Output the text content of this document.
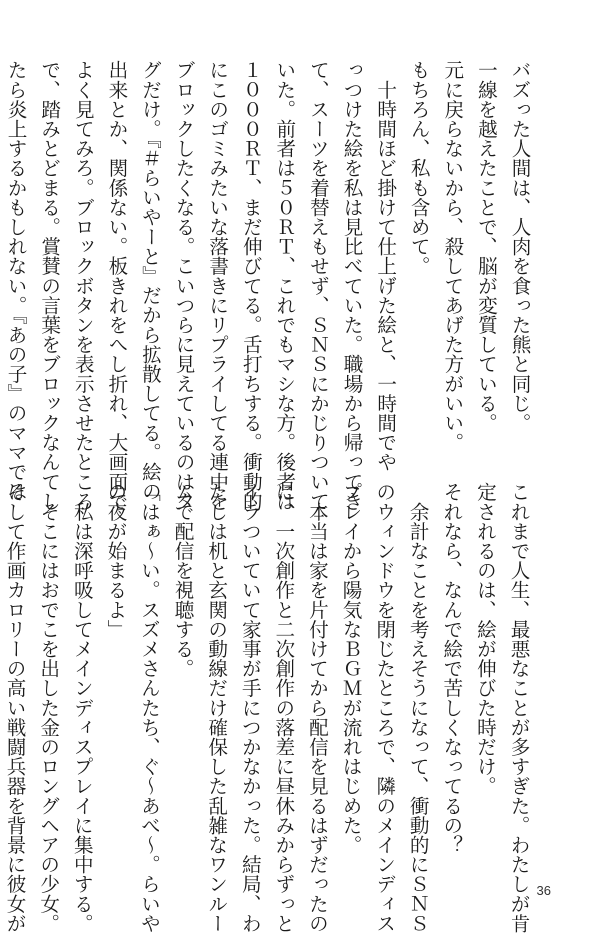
バズった人間は、人肉を食った熊と同じ。
一線を越えたことで、脳が変質している。
元に戻らないから、殺してあげた方がいい。
もちろん、私も含めて。
　十時間ほど掛けて仕上げた絵と、一時間でや
っつけた絵を私は見比べていた。職場から帰ってき
て、スーツを着替えもせず、ＳＮＳにかじりついて
いた。前者は５０ＲＴ、これでもマシな方。後者は
１０００ＲＴ、まだ伸びてる。舌打ちする。衝動的
にこのゴミみたいな落書きにリプライしてる連中を
ブロックしたくなる。こいつらに見えているのはタ
グだけ。『＃らいやーと』だから拡散してる。絵の
出来とか、関係ない。板きれをへし折れ、大画面で
よく見てみろ。ブロックボタンを表示させたところ
で、踏みとどまる。賞賛の言葉をブロックなんてし
たら炎上するかもしれない。『あの子』のママでは
これまで人生、最悪なことが多すぎた。わたしが肯
定されるのは、絵が伸びた時だけ。
それなら、なんで絵で苦しくなってるの？
　余計なことを考えそうになって、衝動的にＳＮＳ
のウィンドウを閉じたところで、隣のメインディス
プレイから陽気なＢＧＭが流れはじめた。
　本当は家を片付けてから配信を見るはずだったの
に、一次創作と二次創作の落差に昼休みからずっと
イラついていて家事が手につかなかった。結局、わ
たしは机と玄関の動線だけ確保した乱雑なワンルー
ムで配信を視聴する。
「はぁ～い。スズメさんたち、ぐ～あべ～。らいや
の夜が始まるよ」
　私は深呼吸してメインディスプレイに集中する。
　そこにはおでこを出した金のロングヘアの少女。
そして作画カロリーの高い戦闘兵器を背景に彼女が	36
